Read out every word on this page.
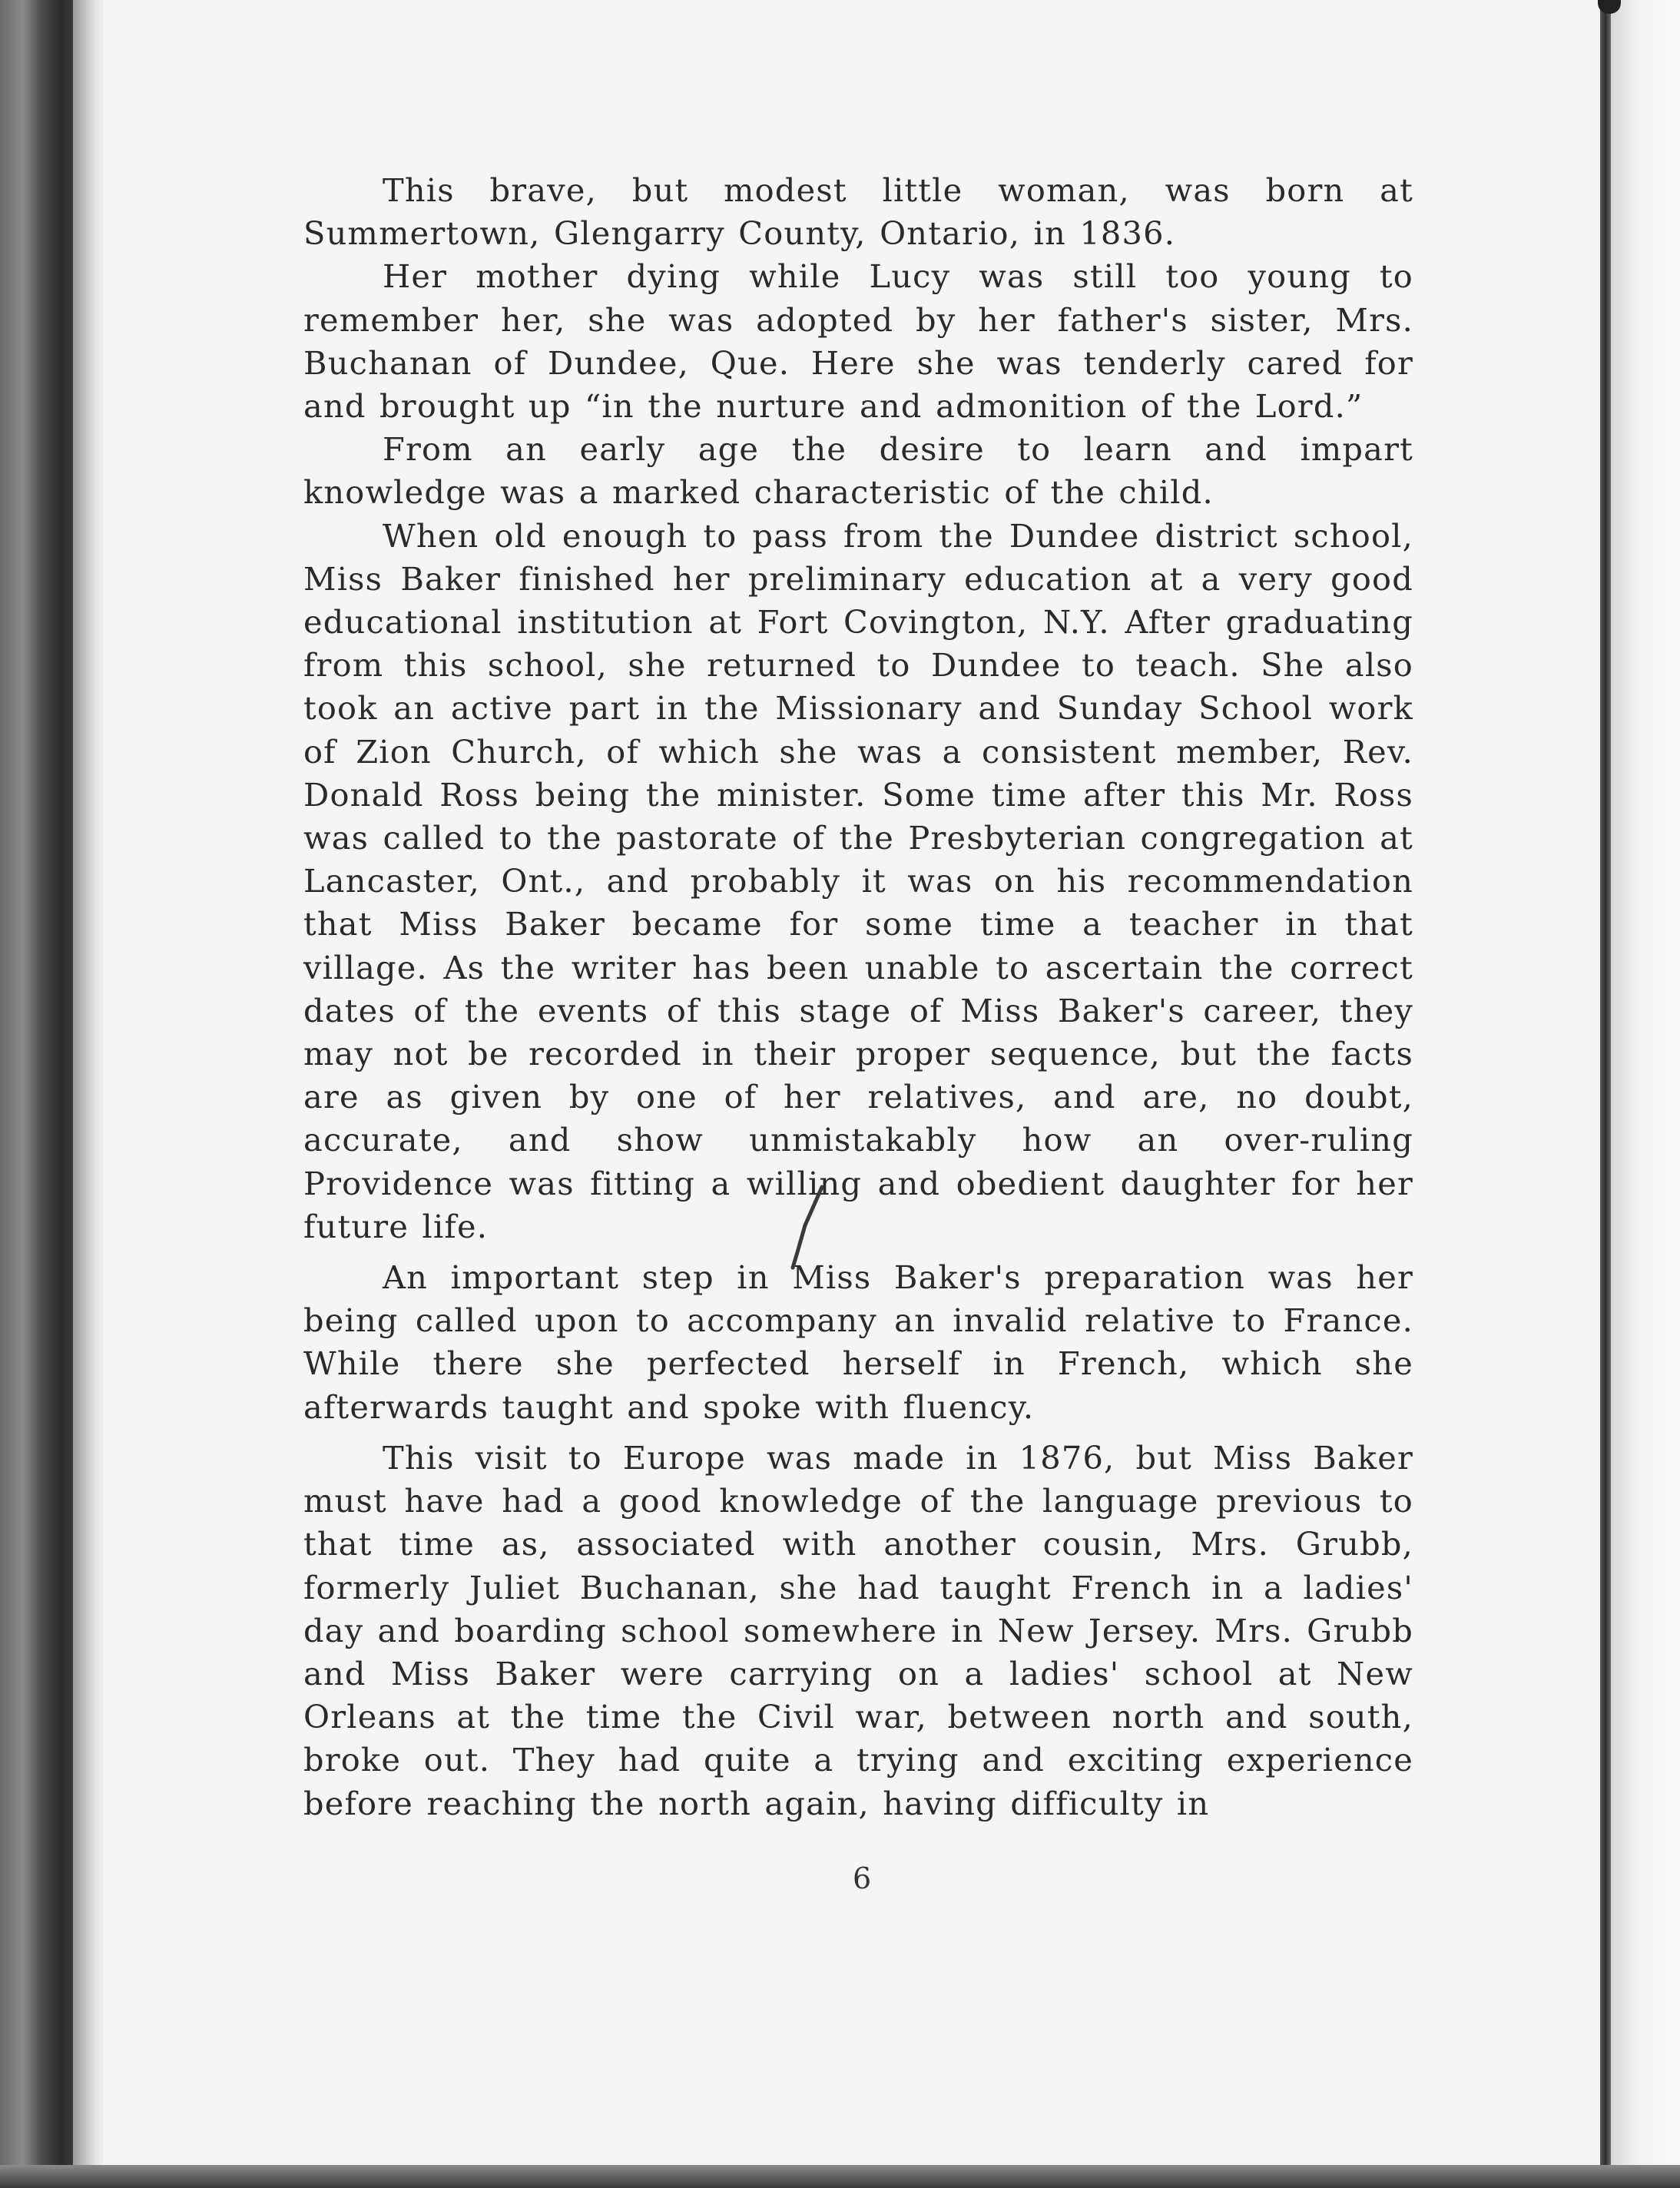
This brave, but modest little woman, was born at Summertown, Glengarry County, Ontario, in 1836.

Her mother dying while Lucy was still too young to remember her, she was adopted by her father's sister, Mrs. Buchanan of Dundee, Que. Here she was tenderly cared for and brought up “in the nurture and admonition of the Lord.”

From an early age the desire to learn and impart knowledge was a marked characteristic of the child.

When old enough to pass from the Dundee district school, Miss Baker finished her preliminary education at a very good educational institution at Fort Covington, N.Y. After graduating from this school, she returned to Dundee to teach. She also took an active part in the Missionary and Sunday School work of Zion Church, of which she was a consistent member, Rev. Donald Ross being the minister. Some time after this Mr. Ross was called to the pastorate of the Presbyterian congregation at Lancaster, Ont., and probably it was on his recommendation that Miss Baker became for some time a teacher in that village. As the writer has been unable to ascertain the correct dates of the events of this stage of Miss Baker's career, they may not be recorded in their proper sequence, but the facts are as given by one of her relatives, and are, no doubt, accurate, and show unmistakably how an over-ruling Providence was fitting a willing and obedient daughter for her future life.

An important step in Miss Baker's preparation was her being called upon to accompany an invalid relative to France. While there she perfected herself in French, which she afterwards taught and spoke with fluency.

This visit to Europe was made in 1876, but Miss Baker must have had a good knowledge of the language previous to that time as, associated with another cousin, Mrs. Grubb, formerly Juliet Buchanan, she had taught French in a ladies' day and boarding school somewhere in New Jersey. Mrs. Grubb and Miss Baker were carrying on a ladies' school at New Orleans at the time the Civil war, between north and south, broke out. They had quite a trying and exciting experience before reaching the north again, having difficulty in

6
